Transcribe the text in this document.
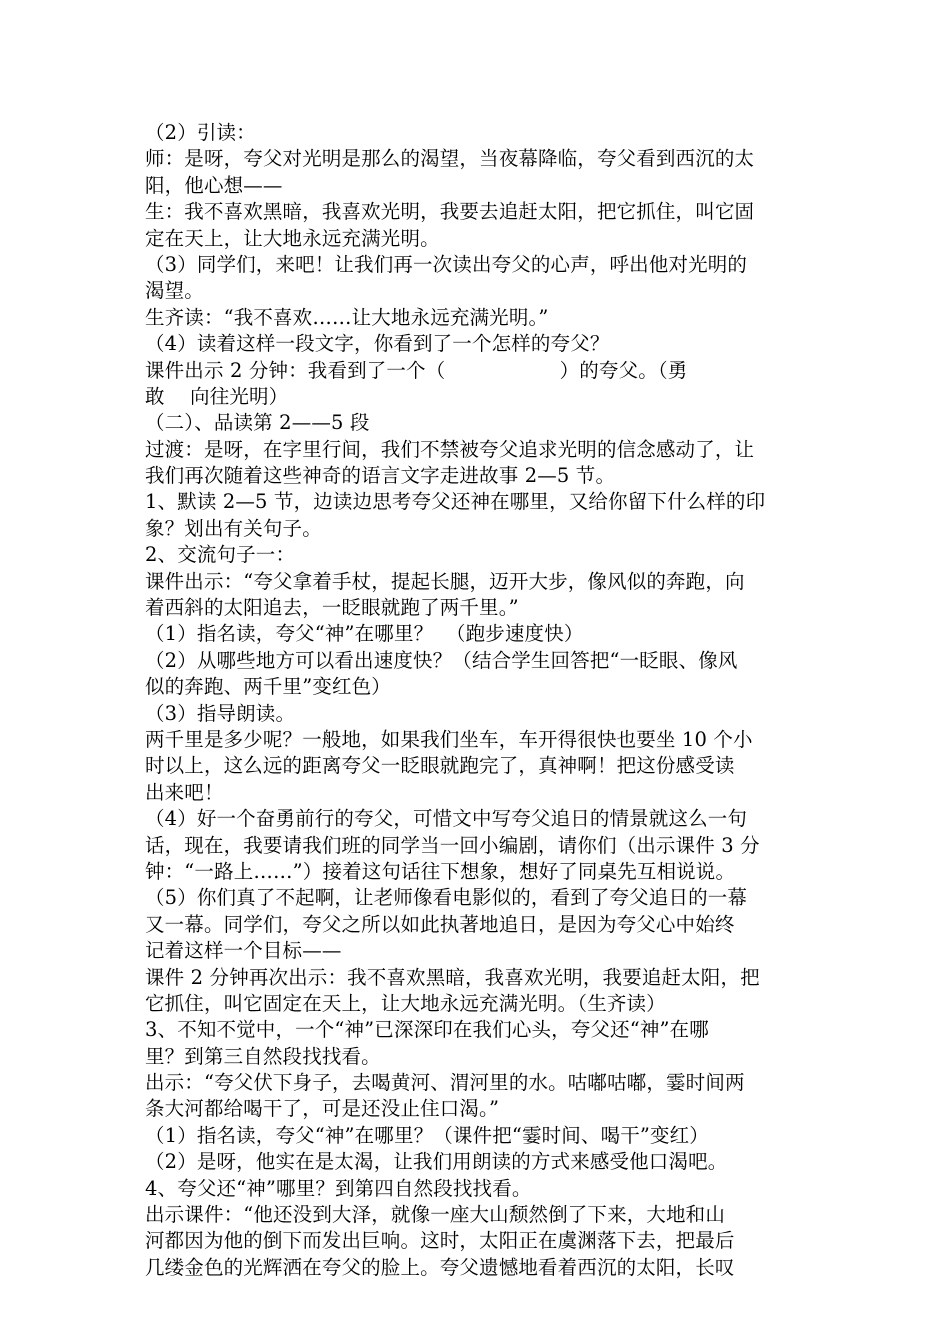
（2）引读：
师：是呀，夸父对光明是那么的渴望，当夜幕降临，夸父看到西沉的太
阳，他心想——
生：我不喜欢黑暗，我喜欢光明，我要去追赶太阳，把它抓住，叫它固
定在天上，让大地永远充满光明。
（3）同学们，来吧！让我们再一次读出夸父的心声，呼出他对光明的
渴望。
生齐读：“我不喜欢……让大地永远充满光明。”
（4）读着这样一段文字，你看到了一个怎样的夸父？
课件出示 2 分钟：我看到了一个（                  ）的夸父。（勇
敢    向往光明）
（二）、品读第 2——5 段
过渡：是呀，在字里行间，我们不禁被夸父追求光明的信念感动了，让
我们再次随着这些神奇的语言文字走进故事 2—5 节。
1、默读 2—5 节，边读边思考夸父还神在哪里，又给你留下什么样的印
象？划出有关句子。
2、交流句子一：
课件出示：“夸父拿着手杖，提起长腿，迈开大步，像风似的奔跑，向
着西斜的太阳追去，一眨眼就跑了两千里。”
（1）指名读，夸父“神”在哪里？  （跑步速度快）
（2）从哪些地方可以看出速度快？（结合学生回答把“一眨眼、像风
似的奔跑、两千里”变红色）
（3）指导朗读。
两千里是多少呢？一般地，如果我们坐车，车开得很快也要坐 10 个小
时以上，这么远的距离夸父一眨眼就跑完了，真神啊！把这份感受读
出来吧！
（4）好一个奋勇前行的夸父，可惜文中写夸父追日的情景就这么一句
话，现在，我要请我们班的同学当一回小编剧，请你们（出示课件 3 分
钟：“一路上……”）接着这句话往下想象，想好了同桌先互相说说。
（5）你们真了不起啊，让老师像看电影似的，看到了夸父追日的一幕
又一幕。同学们，夸父之所以如此执著地追日，是因为夸父心中始终
记着这样一个目标——
课件 2 分钟再次出示：我不喜欢黑暗，我喜欢光明，我要追赶太阳，把
它抓住，叫它固定在天上，让大地永远充满光明。（生齐读）
3、不知不觉中，一个“神”已深深印在我们心头，夸父还“神”在哪
里？到第三自然段找找看。
出示：“夸父伏下身子，去喝黄河、渭河里的水。咕嘟咕嘟，霎时间两
条大河都给喝干了，可是还没止住口渴。”
（1）指名读，夸父“神”在哪里？（课件把“霎时间、喝干”变红）
（2）是呀，他实在是太渴，让我们用朗读的方式来感受他口渴吧。
4、夸父还“神”哪里？到第四自然段找找看。
出示课件：“他还没到大泽，就像一座大山颓然倒了下来，大地和山
河都因为他的倒下而发出巨响。这时，太阳正在虞渊落下去，把最后
几缕金色的光辉洒在夸父的脸上。夸父遗憾地看着西沉的太阳，长叹
